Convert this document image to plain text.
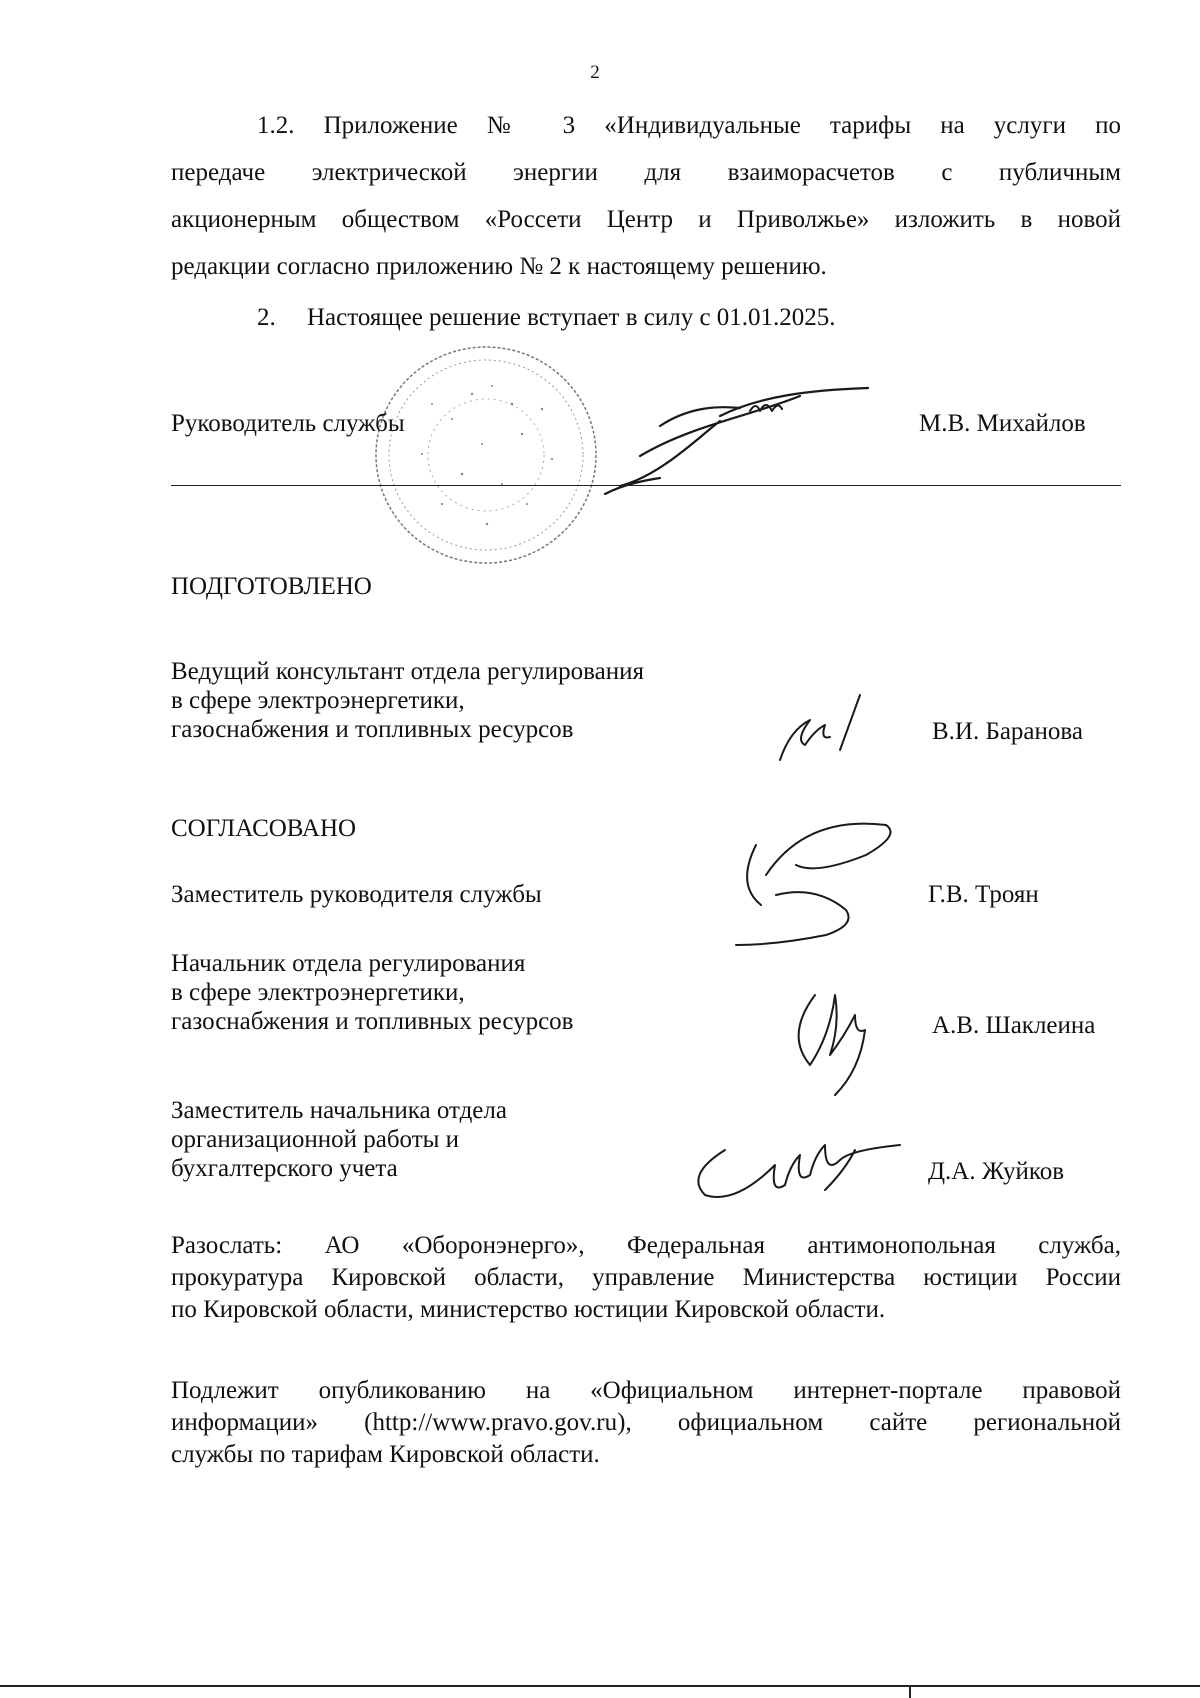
2
1.2. Приложение № 3 «Индивидуальные тарифы на услуги по
передаче электрической энергии для взаиморасчетов с публичным
акционерным обществом «Россети Центр и Приволжье» изложить в новой
редакции согласно приложению № 2 к настоящему решению.
2.     Настоящее решение вступает в силу с 01.01.2025.
Руководитель службы	М.В. Михайлов
ПОДГОТОВЛЕНО
Ведущий консультант отдела регулирования
в сфере электроэнергетики,
газоснабжения и топливных ресурсов	В.И. Баранова
СОГЛАСОВАНО
Заместитель руководителя службы	Г.В. Троян
Начальник отдела регулирования
в сфере электроэнергетики,
газоснабжения и топливных ресурсов	А.В. Шаклеина
Заместитель начальника отдела
организационной работы и
бухгалтерского учета	Д.А. Жуйков
Разослать: АО «Оборонэнерго», Федеральная антимонопольная служба,
прокуратура Кировской области, управление Министерства юстиции России
по Кировской области, министерство юстиции Кировской области.
Подлежит опубликованию на «Официальном интернет-портале правовой
информации» (http://www.pravo.gov.ru), официальном сайте региональной
службы по тарифам Кировской области.
